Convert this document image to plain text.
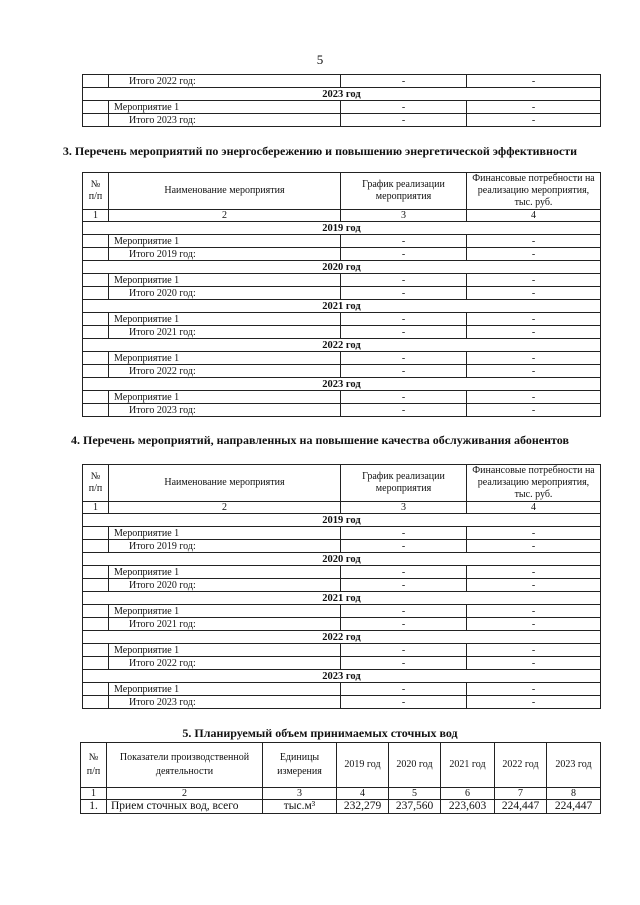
5
	Итого 2022 год:	-	-
2023 год			
	Мероприятие 1	-	-
	Итого 2023 год:	-	-
3. Перечень мероприятий по энергосбережению и повышению энергетической эффективности
№ п/п	Наименование мероприятия	График реализации мероприятия	Финансовые потребности на реализацию мероприятия, тыс. руб.
1	2	3	4
2019 год			
	Мероприятие 1	-	-
	Итого 2019 год:	-	-
2020 год			
	Мероприятие 1	-	-
	Итого 2020 год:	-	-
2021 год			
	Мероприятие 1	-	-
	Итого 2021 год:	-	-
2022 год			
	Мероприятие 1	-	-
	Итого 2022 год:	-	-
2023 год			
	Мероприятие 1	-	-
	Итого 2023 год:	-	-
4. Перечень мероприятий, направленных на повышение качества обслуживания абонентов
№ п/п	Наименование мероприятия	График реализации мероприятия	Финансовые потребности на реализацию мероприятия, тыс. руб.
1	2	3	4
2019 год			
	Мероприятие 1	-	-
	Итого 2019 год:	-	-
2020 год			
	Мероприятие 1	-	-
	Итого 2020 год:	-	-
2021 год			
	Мероприятие 1	-	-
	Итого 2021 год:	-	-
2022 год			
	Мероприятие 1	-	-
	Итого 2022 год:	-	-
2023 год			
	Мероприятие 1	-	-
	Итого 2023 год:	-	-
5. Планируемый объем принимаемых сточных вод
№ п/п	Показатели производственной деятельности	Единицы измерения	2019 год	2020 год	2021 год	2022 год	2023 год
1	2	3	4	5	6	7	8
1.	Прием сточных вод, всего	тыс.м³	232,279	237,560	223,603	224,447	224,447
